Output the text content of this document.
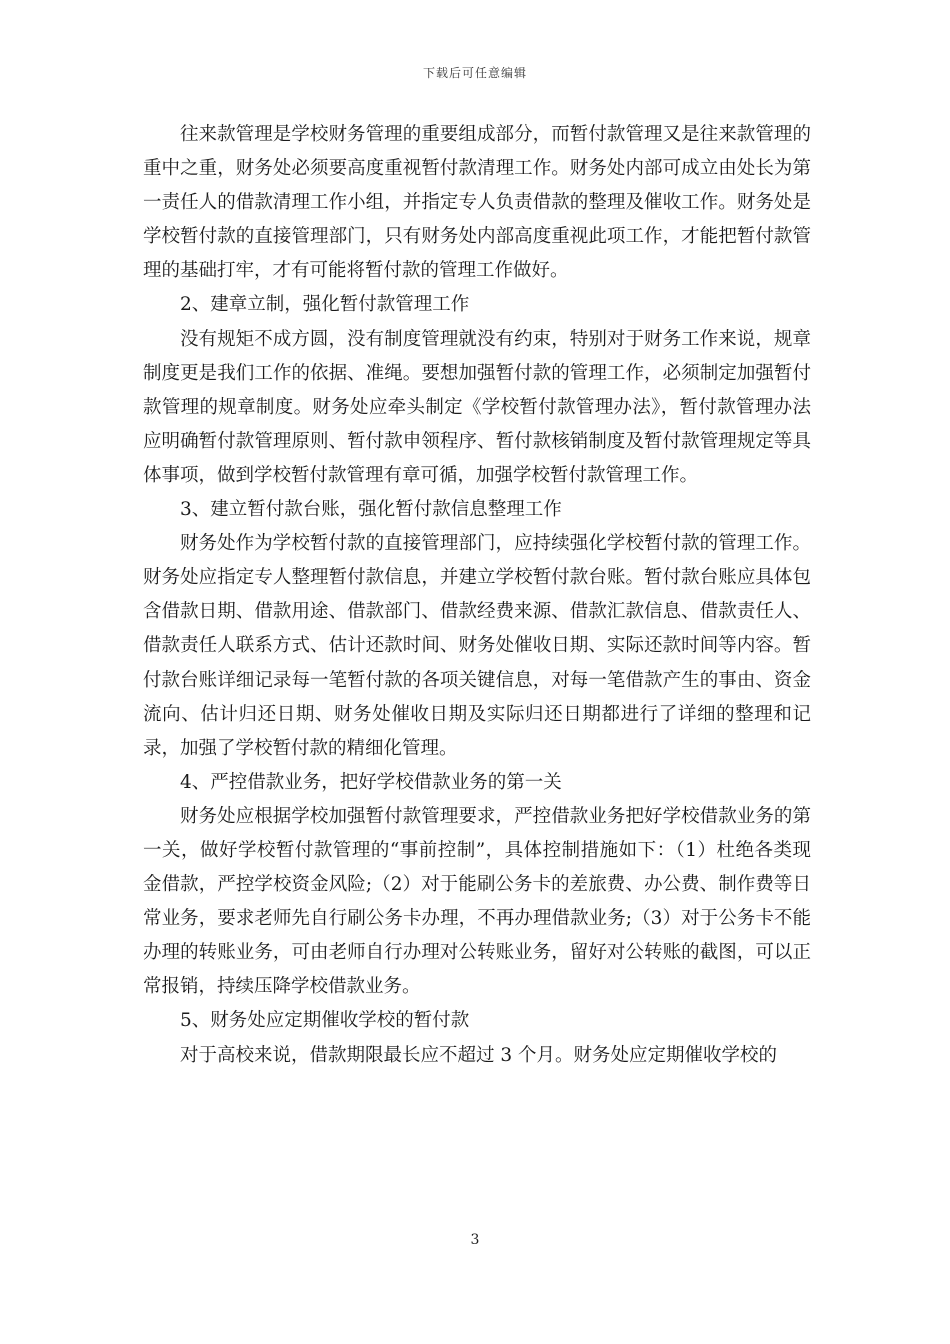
下载后可任意编辑

往来款管理是学校财务管理的重要组成部分，而暂付款管理又是往来款管理的重中之重，财务处必须要高度重视暂付款清理工作。财务处内部可成立由处长为第一责任人的借款清理工作小组，并指定专人负责借款的整理及催收工作。财务处是学校暂付款的直接管理部门，只有财务处内部高度重视此项工作，才能把暂付款管理的基础打牢，才有可能将暂付款的管理工作做好。

2、建章立制，强化暂付款管理工作

没有规矩不成方圆，没有制度管理就没有约束，特别对于财务工作来说，规章制度更是我们工作的依据、准绳。要想加强暂付款的管理工作，必须制定加强暂付款管理的规章制度。财务处应牵头制定《学校暂付款管理办法》，暂付款管理办法应明确暂付款管理原则、暂付款申领程序、暂付款核销制度及暂付款管理规定等具体事项，做到学校暂付款管理有章可循，加强学校暂付款管理工作。

3、建立暂付款台账，强化暂付款信息整理工作

财务处作为学校暂付款的直接管理部门，应持续强化学校暂付款的管理工作。财务处应指定专人整理暂付款信息，并建立学校暂付款台账。暂付款台账应具体包含借款日期、借款用途、借款部门、借款经费来源、借款汇款信息、借款责任人、借款责任人联系方式、估计还款时间、财务处催收日期、实际还款时间等内容。暂付款台账详细记录每一笔暂付款的各项关键信息，对每一笔借款产生的事由、资金流向、估计归还日期、财务处催收日期及实际归还日期都进行了详细的整理和记录，加强了学校暂付款的精细化管理。

4、严控借款业务，把好学校借款业务的第一关

财务处应根据学校加强暂付款管理要求，严控借款业务把好学校借款业务的第一关，做好学校暂付款管理的“事前控制”，具体控制措施如下：（1）杜绝各类现金借款，严控学校资金风险;（2）对于能刷公务卡的差旅费、办公费、制作费等日常业务，要求老师先自行刷公务卡办理，不再办理借款业务;（3）对于公务卡不能办理的转账业务，可由老师自行办理对公转账业务，留好对公转账的截图，可以正常报销，持续压降学校借款业务。

5、财务处应定期催收学校的暂付款

对于高校来说，借款期限最长应不超过 3 个月。财务处应定期催收学校的

3
